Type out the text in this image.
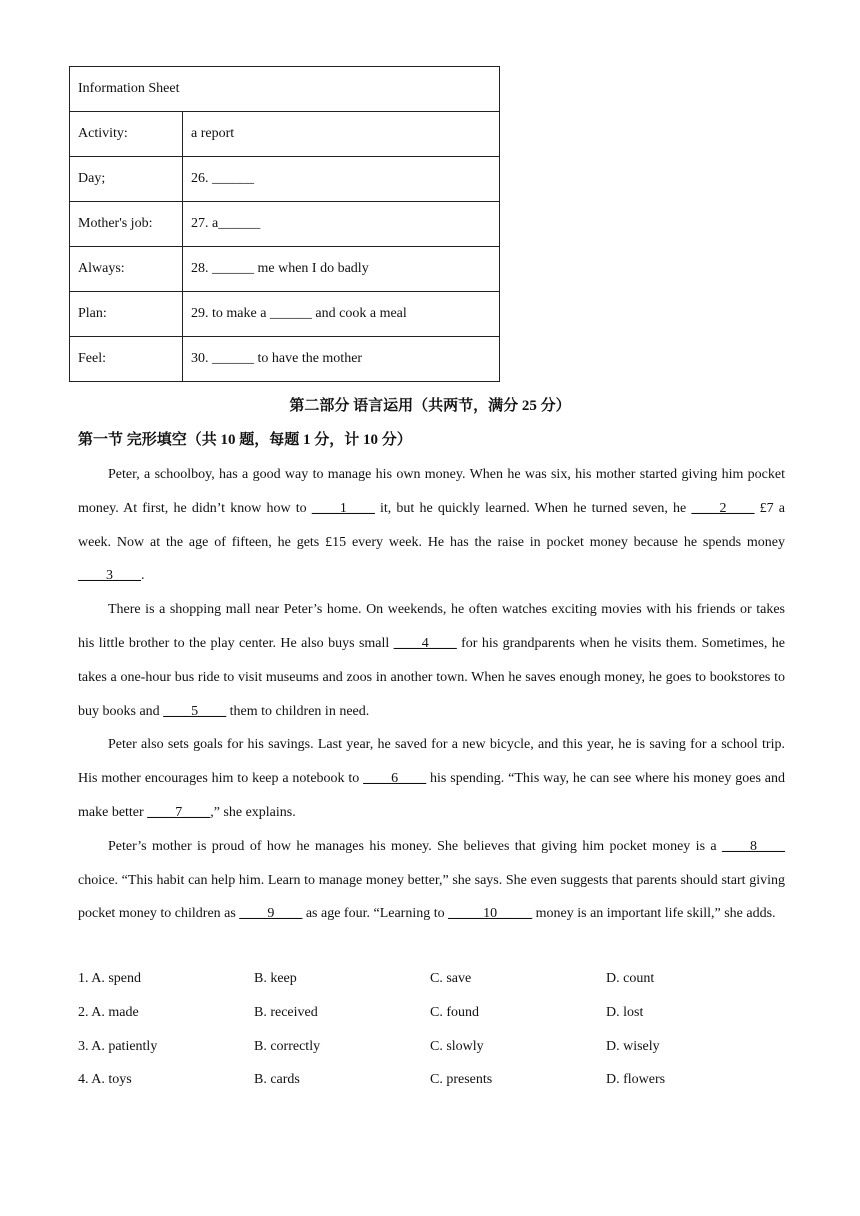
Information Sheet	
Activity:	a report
Day;	26. ______
Mother's job:	27. a______
Always:	28. ______ me when I do badly
Plan:	29. to make a ______ and cook a meal
Feel:	30. ______ to have the mother
第二部分 语言运用（共两节，满分 25 分）
第一节 完形填空（共 10 题，每题 1 分，计 10 分）

Peter, a schoolboy, has a good way to manage his own money. When he was six, his mother started giving him pocket money. At first, he didn’t know how to ____1____ it, but he quickly learned. When he turned seven, he ____2____ £7 a week. Now at the age of fifteen, he gets £15 every week. He has the raise in pocket money because he spends money ____3____.

There is a shopping mall near Peter’s home. On weekends, he often watches exciting movies with his friends or takes his little brother to the play center. He also buys small ____4____ for his grandparents when he visits them. Sometimes, he takes a one-hour bus ride to visit museums and zoos in another town. When he saves enough money, he goes to bookstores to buy books and ____5____ them to children in need.

Peter also sets goals for his savings. Last year, he saved for a new bicycle, and this year, he is saving for a school trip. His mother encourages him to keep a notebook to ____6____ his spending. “This way, he can see where his money goes and make better ____7____,” she explains.

Peter’s mother is proud of how he manages his money. She believes that giving him pocket money is a ____8____ choice. “This habit can help him. Learn to manage money better,” she says. She even suggests that parents should start giving pocket money to children as ____9____ as age four. “Learning to _____10_____ money is an important life skill,” she adds.

1. A. spend	B. keep	C. save	D. count
2. A. made	B. received	C. found	D. lost
3. A. patiently	B. correctly	C. slowly	D. wisely
4. A. toys	B. cards	C. presents	D. flowers
